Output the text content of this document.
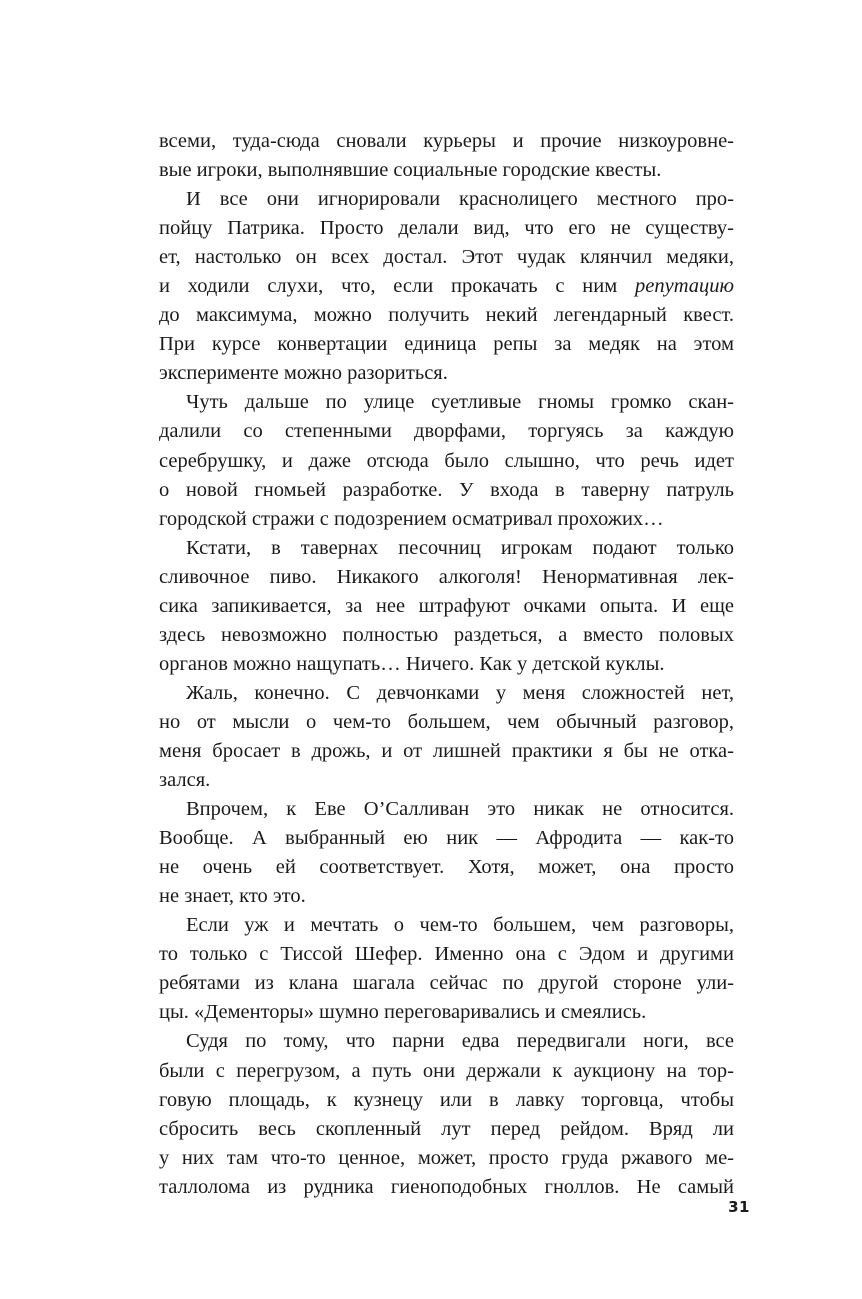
всеми, туда-сюда сновали курьеры и прочие низкоуровне-
вые игроки, выполнявшие социальные городские квесты.
И все они игнорировали краснолицего местного про-
пойцу Патрика. Просто делали вид, что его не существу-
ет, настолько он всех достал. Этот чудак клянчил медяки,
и ходили слухи, что, если прокачать с ним репутацию
до максимума, можно получить некий легендарный квест.
При курсе конвертации единица репы за медяк на этом
эксперименте можно разориться.
Чуть дальше по улице суетливые гномы громко скан-
далили со степенными дворфами, торгуясь за каждую
серебрушку, и даже отсюда было слышно, что речь идет
о новой гномьей разработке. У входа в таверну патруль
городской стражи с подозрением осматривал прохожих…
Кстати, в тавернах песочниц игрокам подают только
сливочное пиво. Никакого алкоголя! Ненормативная лек-
сика запикивается, за нее штрафуют очками опыта. И еще
здесь невозможно полностью раздеться, а вместо половых
органов можно нащупать… Ничего. Как у детской куклы.
Жаль, конечно. С девчонками у меня сложностей нет,
но от мысли о чем-то большем, чем обычный разговор,
меня бросает в дрожь, и от лишней практики я бы не отка-
зался.
Впрочем, к Еве О’Салливан это никак не относится.
Вообще. А выбранный ею ник — Афродита — как-то
не очень ей соответствует. Хотя, может, она просто
не знает, кто это.
Если уж и мечтать о чем-то большем, чем разговоры,
то только с Тиссой Шефер. Именно она с Эдом и другими
ребятами из клана шагала сейчас по другой стороне ули-
цы. «Дементоры» шумно переговаривались и смеялись.
Судя по тому, что парни едва передвигали ноги, все
были с перегрузом, а путь они держали к аукциону на тор-
говую площадь, к кузнецу или в лавку торговца, чтобы
сбросить весь скопленный лут перед рейдом. Вряд ли
у них там что-то ценное, может, просто груда ржавого ме-
таллолома из рудника гиеноподобных гноллов. Не самый
31
